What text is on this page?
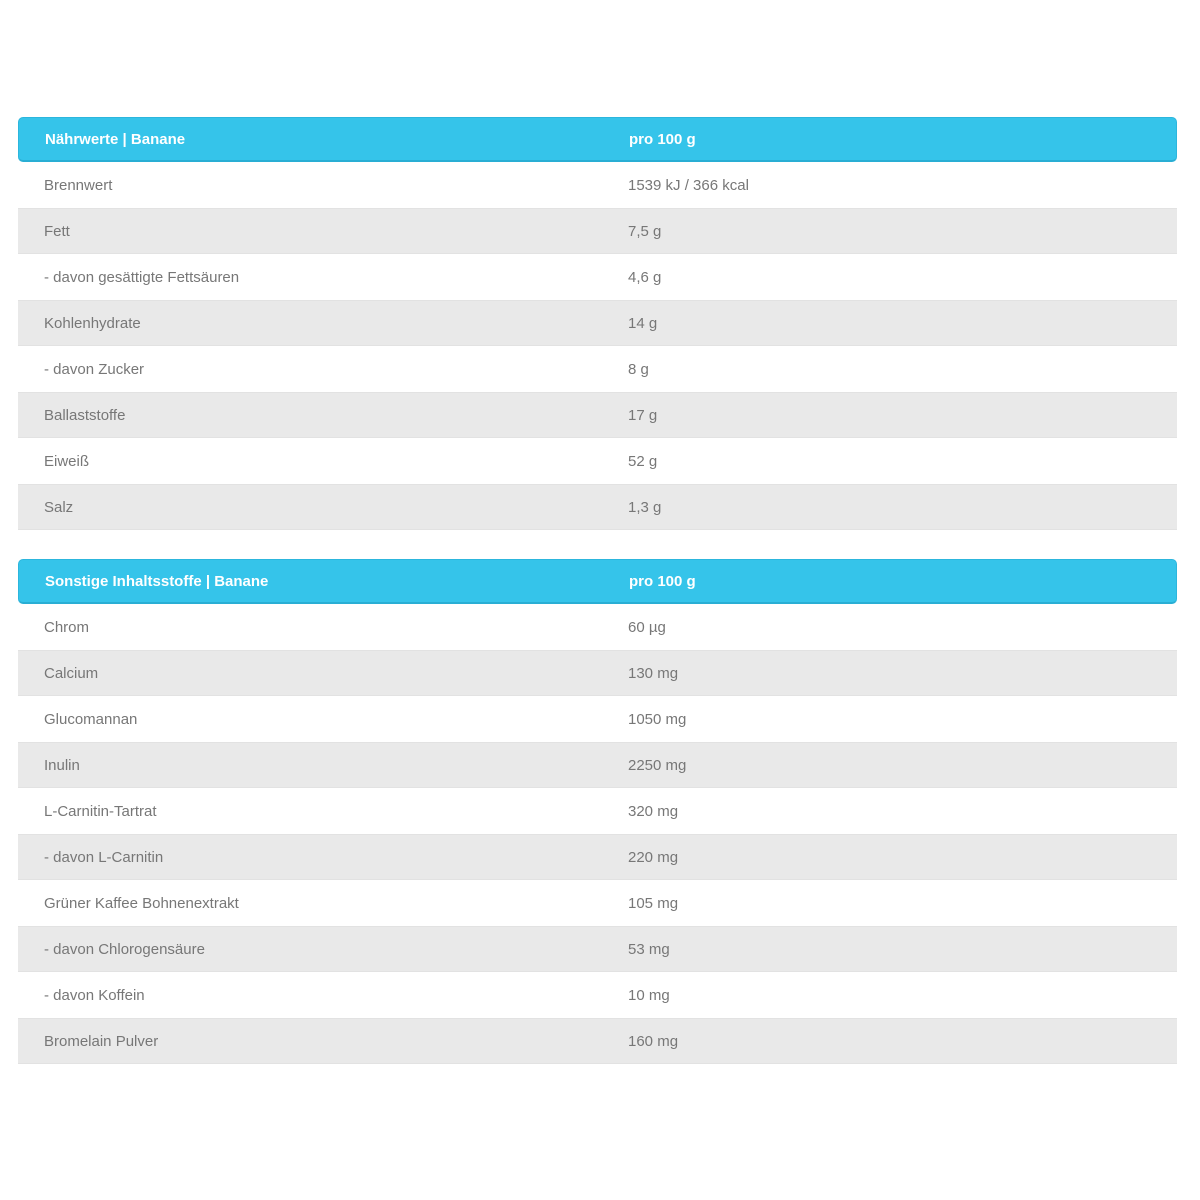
Nährwerte | Banane	pro 100 g
Brennwert	1539 kJ / 366 kcal
Fett	7,5 g
- davon gesättigte Fettsäuren	4,6 g
Kohlenhydrate	14 g
- davon Zucker	8 g
Ballaststoffe	17 g
Eiweiß	52 g
Salz	1,3 g
Sonstige Inhaltsstoffe | Banane	pro 100 g
Chrom	60 µg
Calcium	130 mg
Glucomannan	1050 mg
Inulin	2250 mg
L-Carnitin-Tartrat	320 mg
- davon L-Carnitin	220 mg
Grüner Kaffee Bohnenextrakt	105 mg
- davon Chlorogensäure	53 mg
- davon Koffein	10 mg
Bromelain Pulver	160 mg
